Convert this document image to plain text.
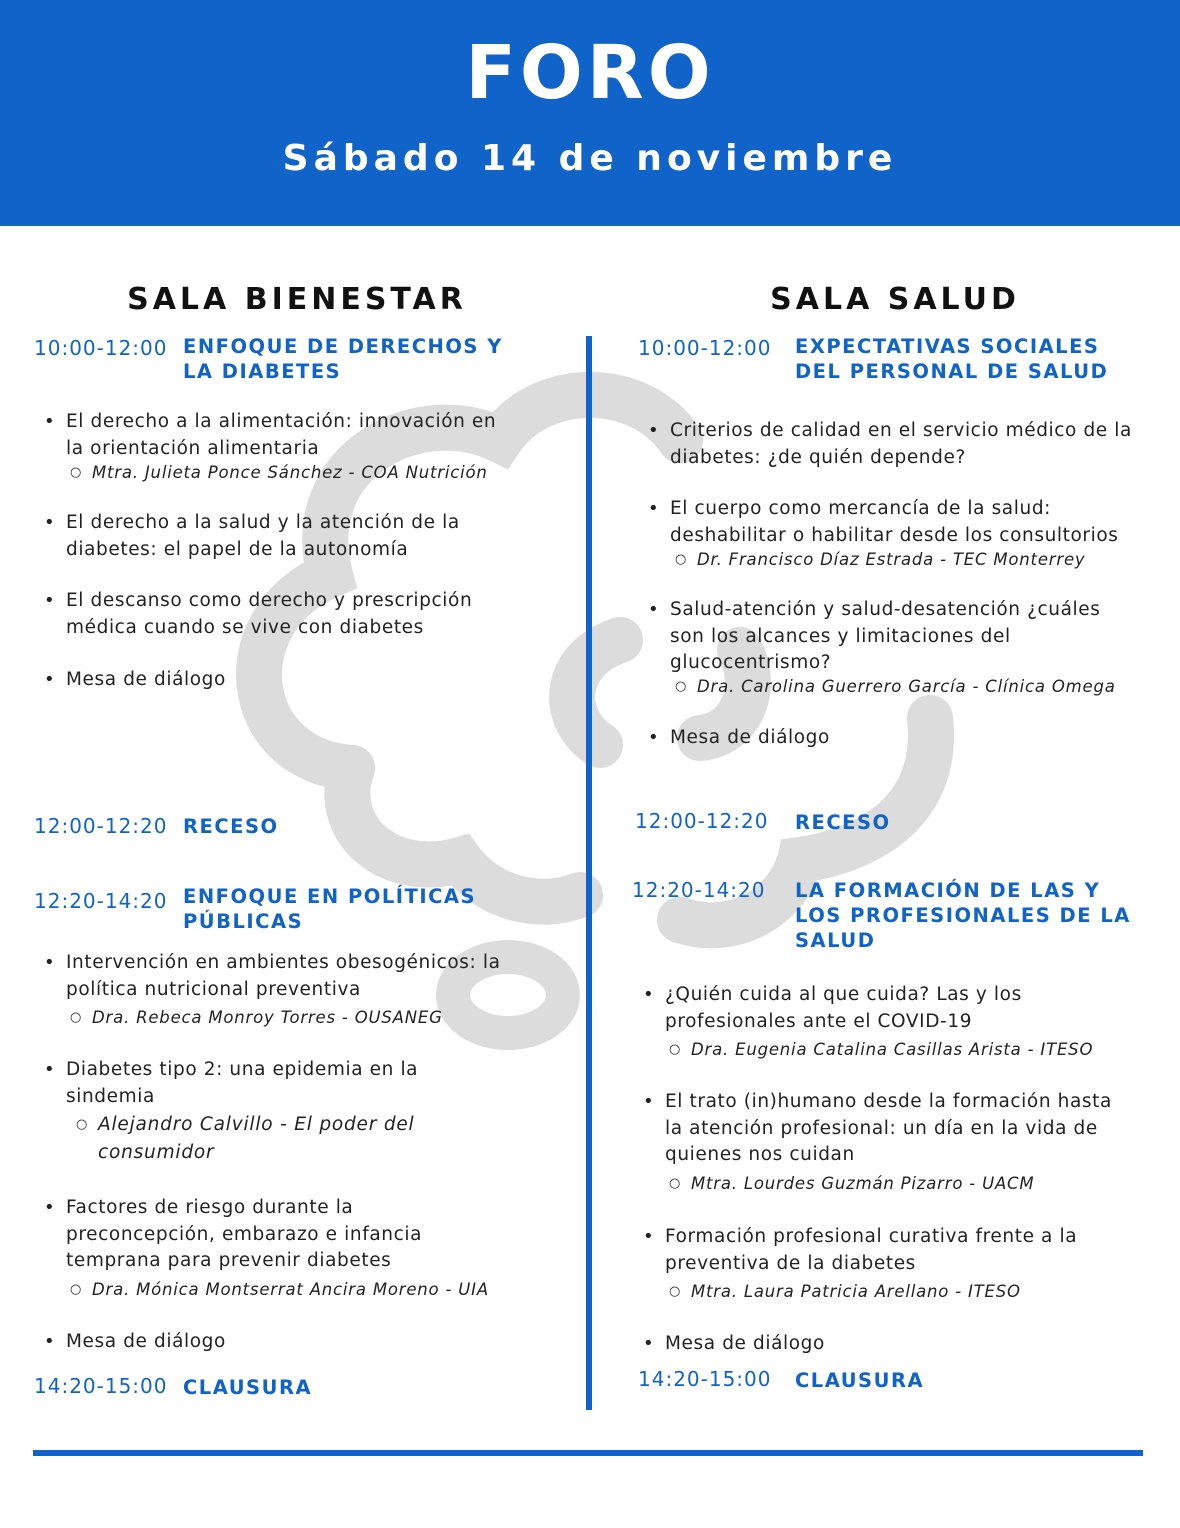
FORO
Sábado 14 de noviembre
SALA BIENESTAR	SALA SALUD
10:00-12:00 ENFOQUE DE DERECHOS Y
LA DIABETES
• El derecho a la alimentación: innovación en
la orientación alimentaria
○ Mtra. Julieta Ponce Sánchez - COA Nutrición
• El derecho a la salud y la atención de la
diabetes: el papel de la autonomía
• El descanso como derecho y prescripción
médica cuando se vive con diabetes
• Mesa de diálogo
12:00-12:20 RECESO
12:20-14:20 ENFOQUE EN POLÍTICAS
PÚBLICAS
• Intervención en ambientes obesogénicos: la
política nutricional preventiva
○ Dra. Rebeca Monroy Torres - OUSANEG
• Diabetes tipo 2: una epidemia en la
sindemia
○ Alejandro Calvillo - El poder del
consumidor
• Factores de riesgo durante la
preconcepción, embarazo e infancia
temprana para prevenir diabetes
○ Dra. Mónica Montserrat Ancira Moreno - UIA
• Mesa de diálogo
14:20-15:00 CLAUSURA
10:00-12:00 EXPECTATIVAS SOCIALES
DEL PERSONAL DE SALUD
• Criterios de calidad en el servicio médico de la
diabetes: ¿de quién depende?
• El cuerpo como mercancía de la salud:
deshabilitar o habilitar desde los consultorios
○ Dr. Francisco Díaz Estrada - TEC Monterrey
• Salud-atención y salud-desatención ¿cuáles
son los alcances y limitaciones del
glucocentrismo?
○ Dra. Carolina Guerrero García - Clínica Omega
• Mesa de diálogo
12:00-12:20 RECESO
12:20-14:20 LA FORMACIÓN DE LAS Y
LOS PROFESIONALES DE LA
SALUD
• ¿Quién cuida al que cuida? Las y los
profesionales ante el COVID-19
○ Dra. Eugenia Catalina Casillas Arista - ITESO
• El trato (in)humano desde la formación hasta
la atención profesional: un día en la vida de
quienes nos cuidan
○ Mtra. Lourdes Guzmán Pizarro - UACM
• Formación profesional curativa frente a la
preventiva de la diabetes
○ Mtra. Laura Patricia Arellano - ITESO
• Mesa de diálogo
14:20-15:00 CLAUSURA
